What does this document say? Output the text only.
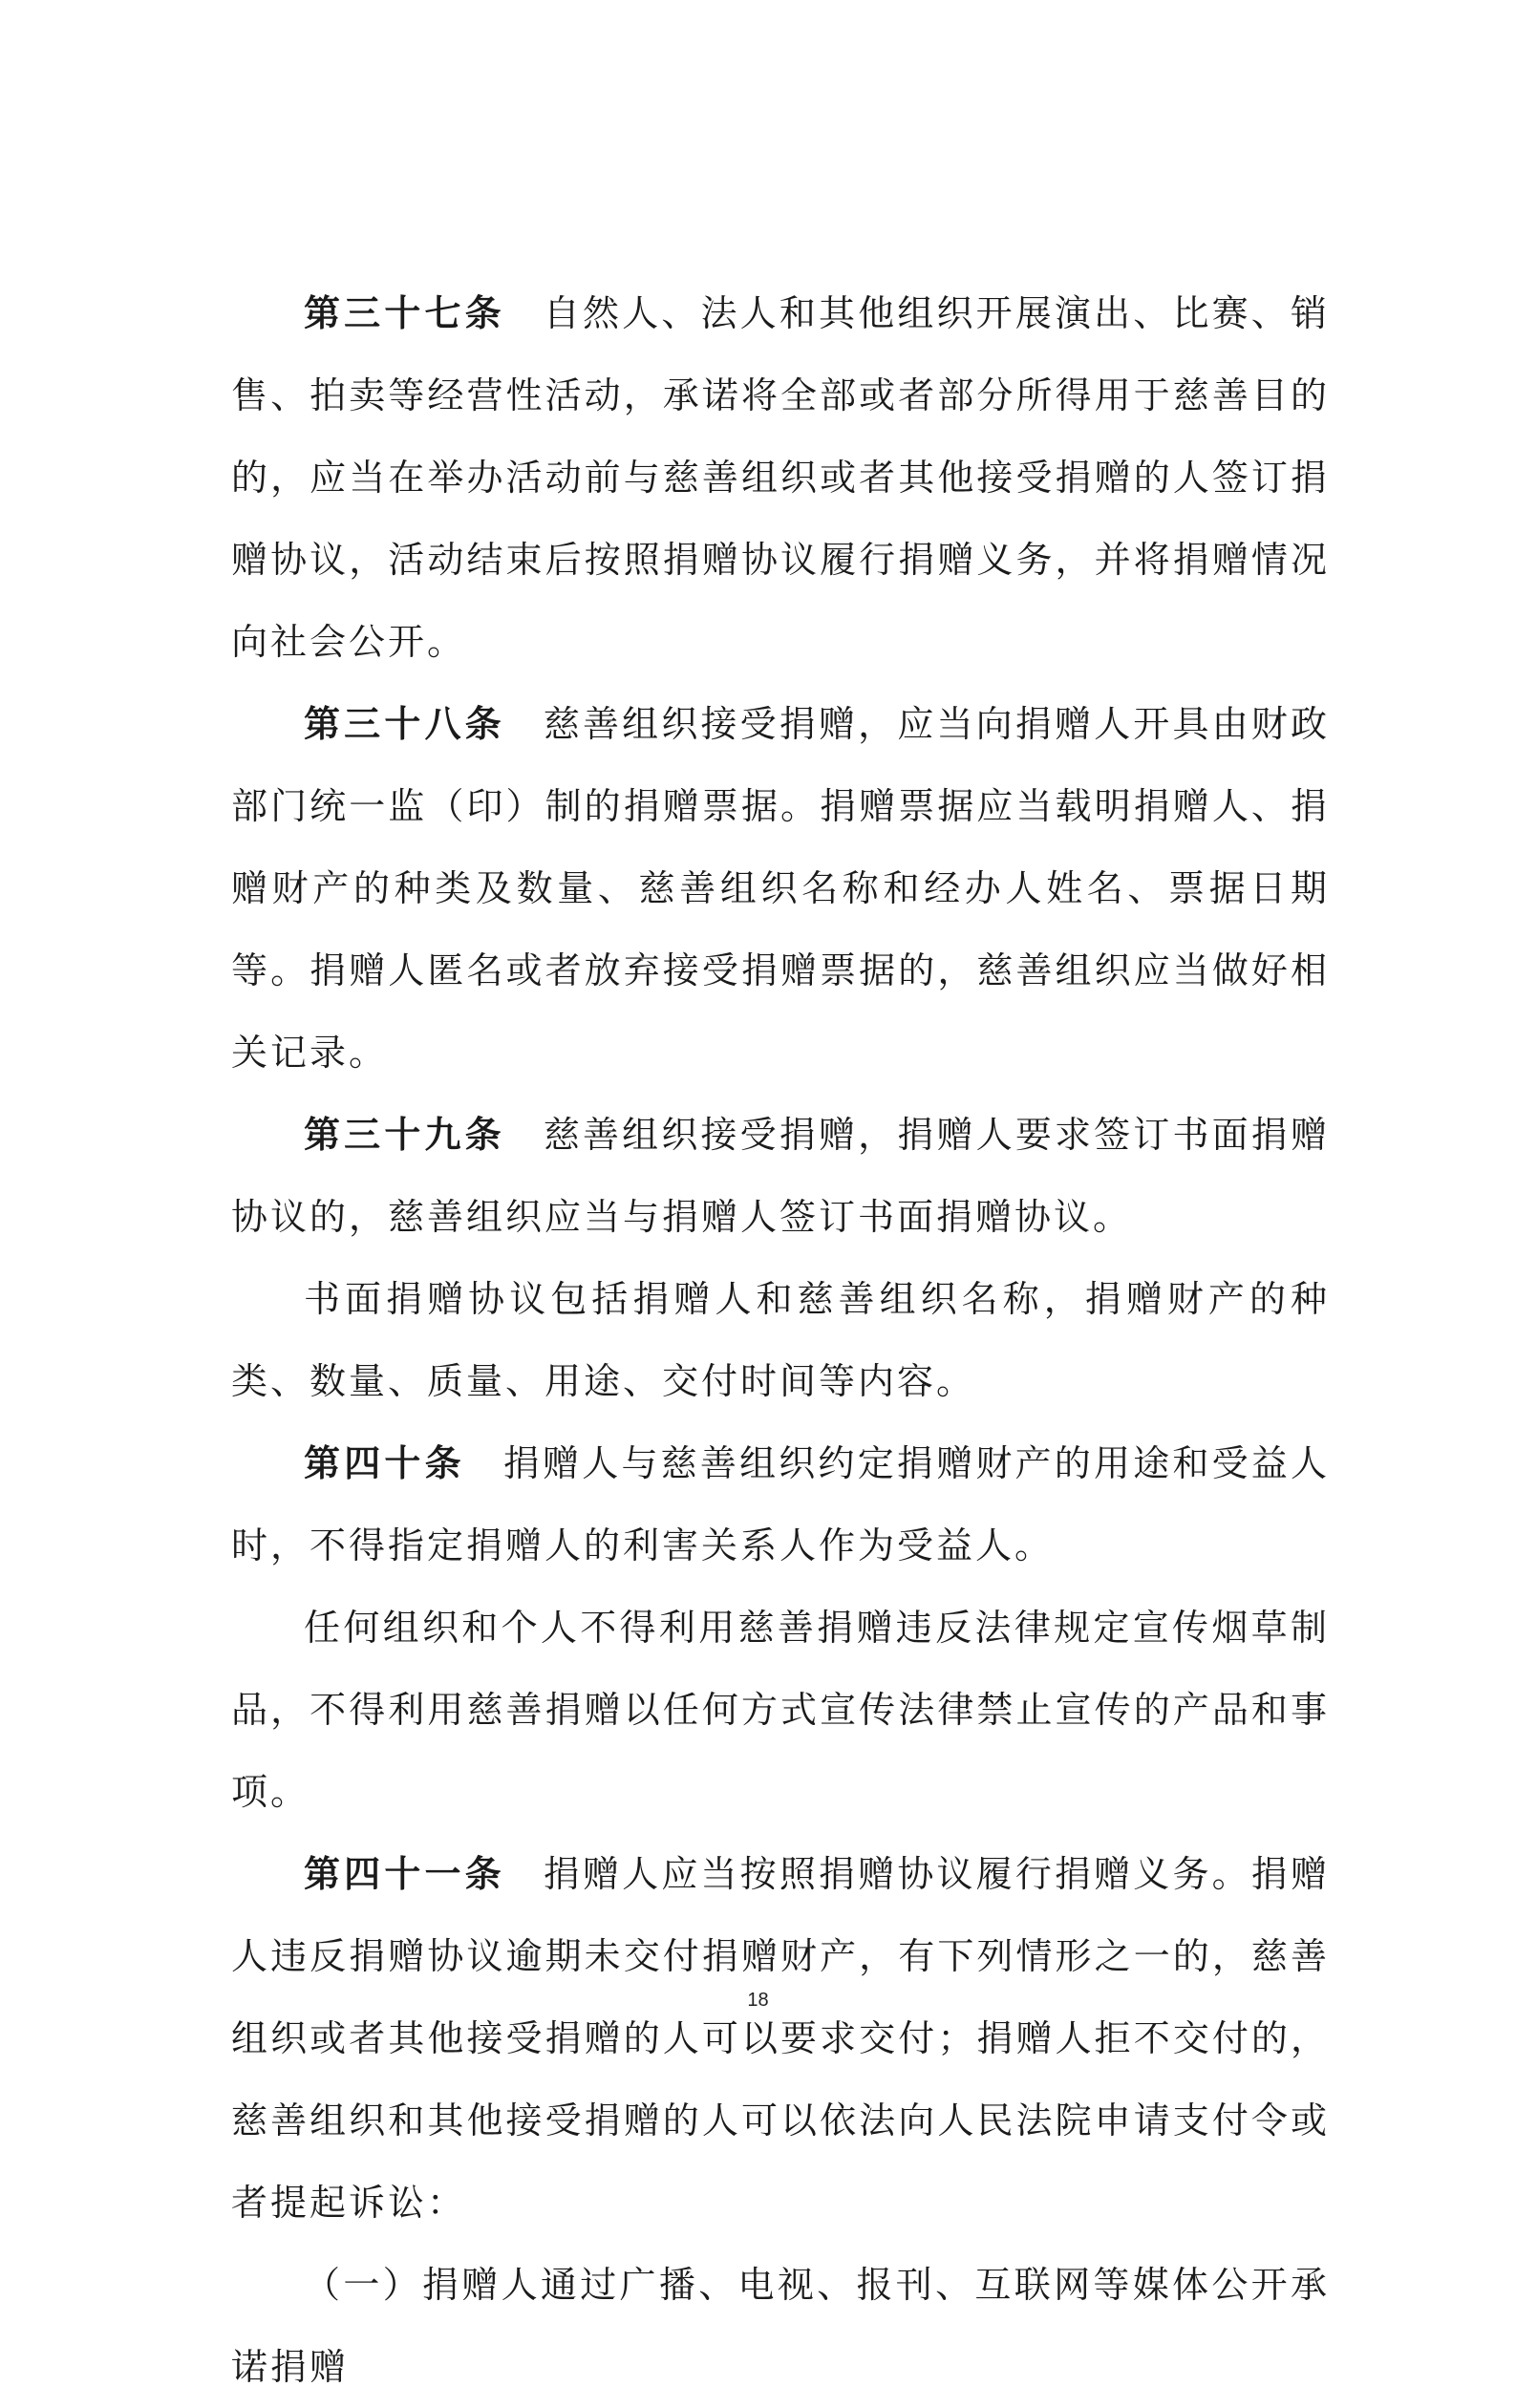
第三十七条 自然人、法人和其他组织开展演出、比赛、销售、拍卖等经营性活动，承诺将全部或者部分所得用于慈善目的的，应当在举办活动前与慈善组织或者其他接受捐赠的人签订捐赠协议，活动结束后按照捐赠协议履行捐赠义务，并将捐赠情况向社会公开。

第三十八条 慈善组织接受捐赠，应当向捐赠人开具由财政部门统一监（印）制的捐赠票据。捐赠票据应当载明捐赠人、捐赠财产的种类及数量、慈善组织名称和经办人姓名、票据日期等。捐赠人匿名或者放弃接受捐赠票据的，慈善组织应当做好相关记录。

第三十九条 慈善组织接受捐赠，捐赠人要求签订书面捐赠协议的，慈善组织应当与捐赠人签订书面捐赠协议。

书面捐赠协议包括捐赠人和慈善组织名称，捐赠财产的种类、数量、质量、用途、交付时间等内容。

第四十条 捐赠人与慈善组织约定捐赠财产的用途和受益人时，不得指定捐赠人的利害关系人作为受益人。

任何组织和个人不得利用慈善捐赠违反法律规定宣传烟草制品，不得利用慈善捐赠以任何方式宣传法律禁止宣传的产品和事项。

第四十一条 捐赠人应当按照捐赠协议履行捐赠义务。捐赠人违反捐赠协议逾期未交付捐赠财产，有下列情形之一的，慈善组织或者其他接受捐赠的人可以要求交付；捐赠人拒不交付的，慈善组织和其他接受捐赠的人可以依法向人民法院申请支付令或者提起诉讼：

（一）捐赠人通过广播、电视、报刊、互联网等媒体公开承诺捐赠

18
